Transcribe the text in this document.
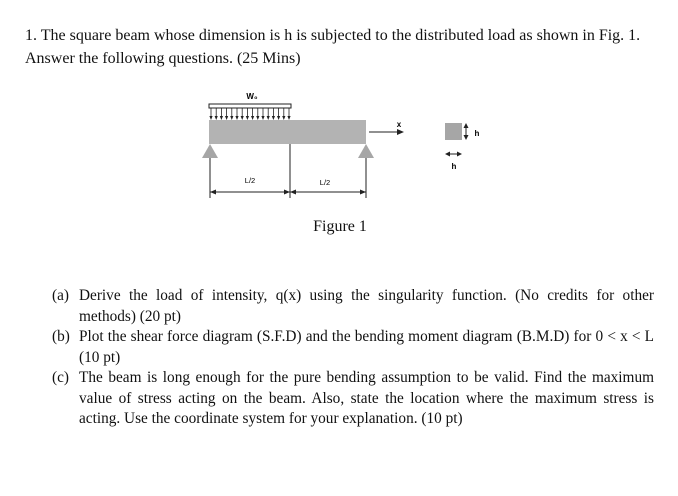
1. The square beam whose dimension is h is subjected to the distributed load as shown in Fig. 1.

Answer the following questions. (25 Mins)

W₀
L/2	L/2
x
h
h
Figure 1
(a) Derive the load of intensity, q(x) using the singularity function. (No credits for other methods) (20 pt)
(b) Plot the shear force diagram (S.F.D) and the bending moment diagram (B.M.D) for 0 < x < L (10 pt)
(c) The beam is long enough for the pure bending assumption to be valid. Find the maximum value of stress acting on the beam. Also, state the location where the maximum stress is acting. Use the coordinate system for your explanation. (10 pt)
